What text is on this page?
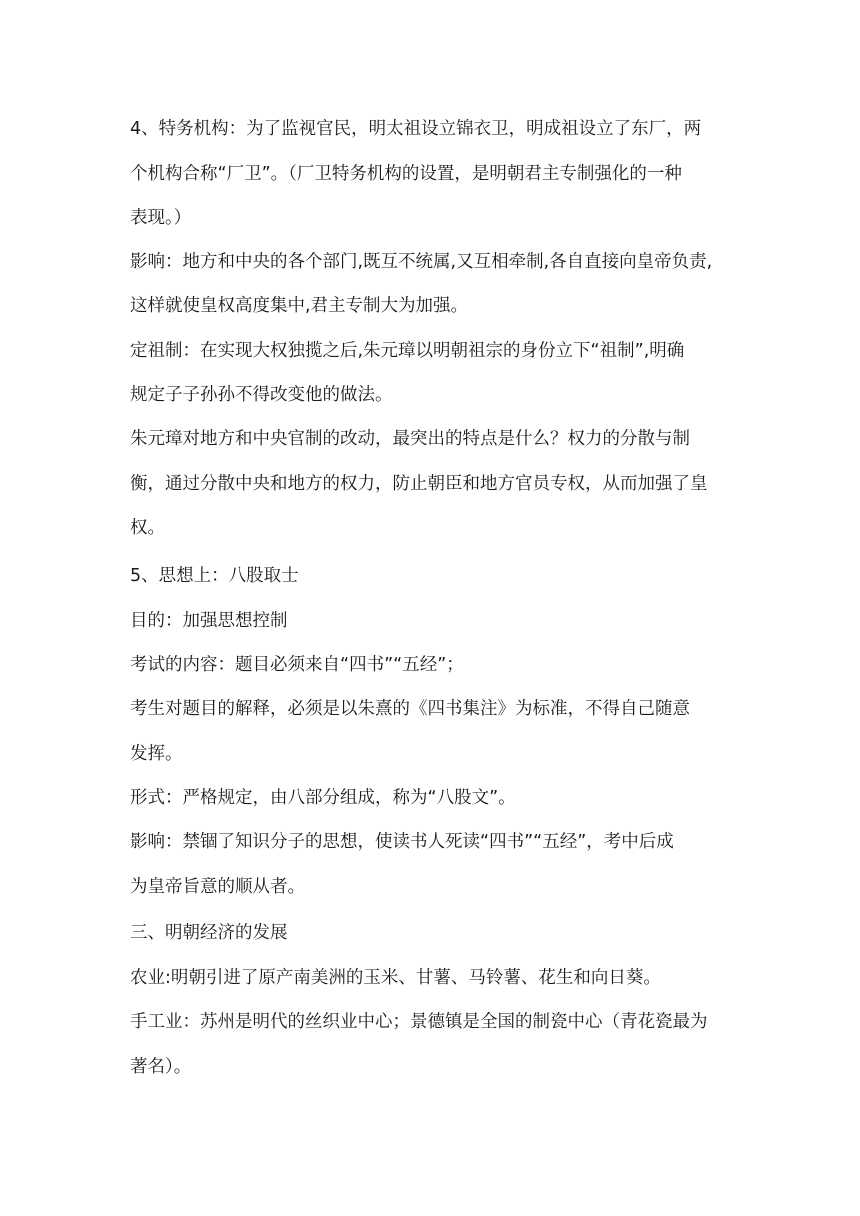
4、特务机构：为了监视官民，明太祖设立锦衣卫，明成祖设立了东厂，两
个机构合称“厂卫”。（厂卫特务机构的设置，是明朝君主专制强化的一种
表现。）
影响：地方和中央的各个部门,既互不统属,又互相牵制,各自直接向皇帝负责,
这样就使皇权高度集中,君主专制大为加强。
定祖制：在实现大权独揽之后,朱元璋以明朝祖宗的身份立下“祖制”,明确
规定子子孙孙不得改变他的做法。
朱元璋对地方和中央官制的改动，最突出的特点是什么？权力的分散与制
衡，通过分散中央和地方的权力，防止朝臣和地方官员专权，从而加强了皇
权。
5、思想上：八股取士
目的：加强思想控制
考试的内容：题目必须来自“四书”“五经”；
考生对题目的解释，必须是以朱熹的《四书集注》为标准，不得自己随意
发挥。
形式：严格规定，由八部分组成，称为“八股文”。
影响：禁锢了知识分子的思想，使读书人死读“四书”“五经”，考中后成
为皇帝旨意的顺从者。
三、明朝经济的发展
农业:明朝引进了原产南美洲的玉米、甘薯、马铃薯、花生和向日葵。
手工业：苏州是明代的丝织业中心；景德镇是全国的制瓷中心（青花瓷最为
著名）。
